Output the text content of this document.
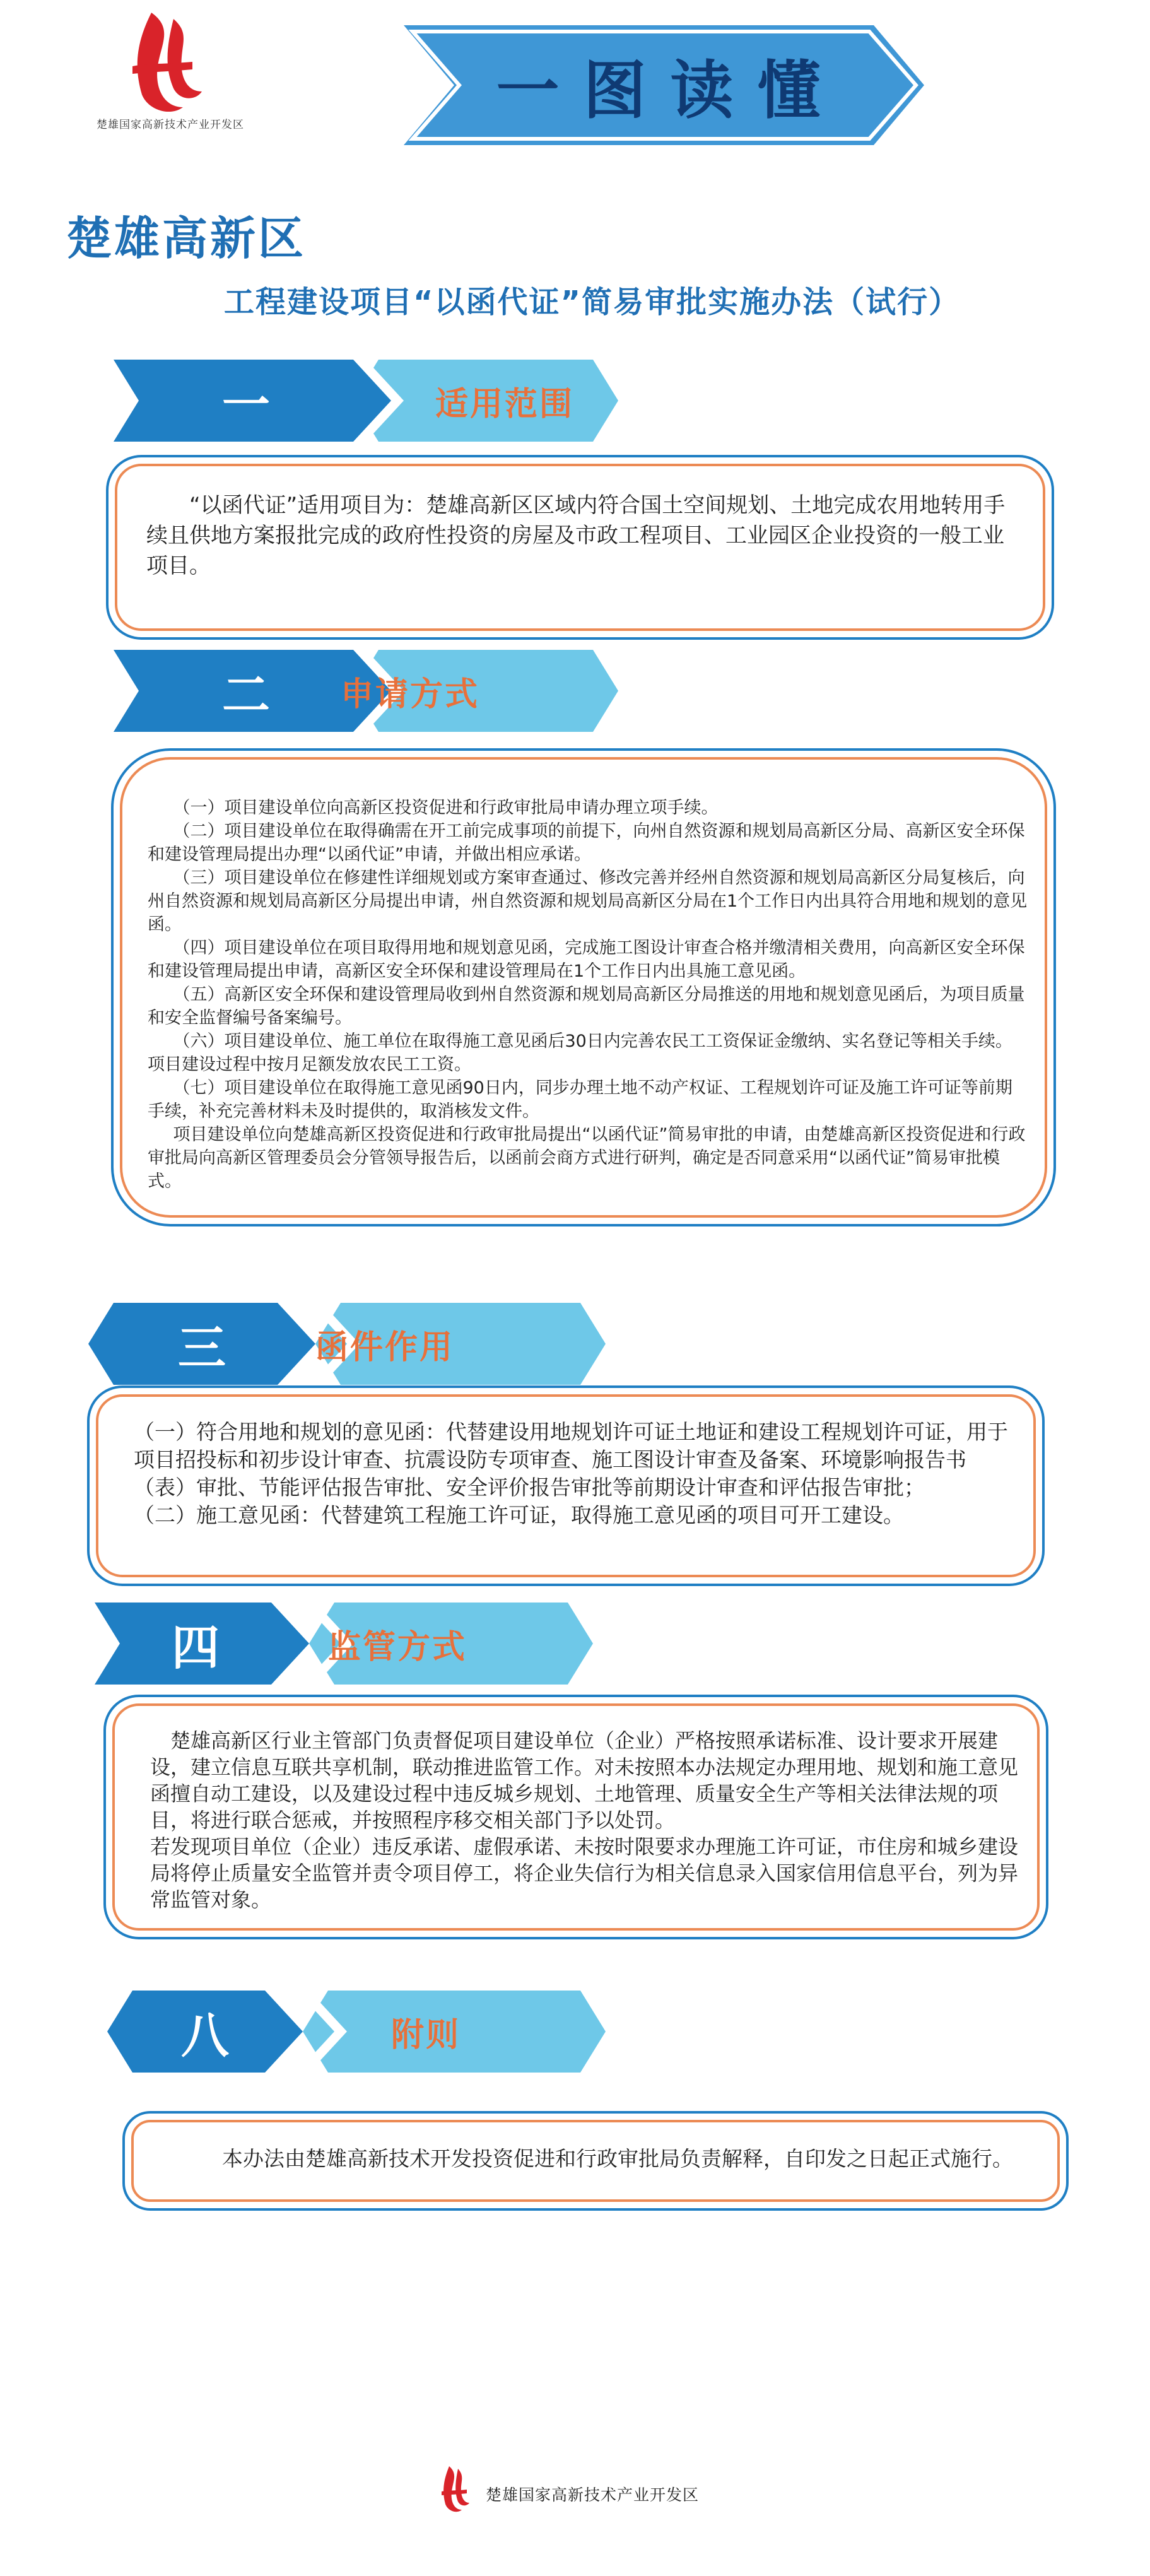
楚雄国家高新技术产业开发区	一图读懂
楚雄高新区
工程建设项目“以函代证”简易审批实施办法（试行）
一	适用范围
“以函代证”适用项目为：楚雄高新区区域内符合国土空间规划、土地完成农用地转用手续且供地方案报批完成的政府性投资的房屋及市政工程项目、工业园区企业投资的一般工业项目。
二	申请方式
（一）项目建设单位向高新区投资促进和行政审批局申请办理立项手续。
（二）项目建设单位在取得确需在开工前完成事项的前提下，向州自然资源和规划局高新区分局、高新区安全环保和建设管理局提出办理“以函代证”申请，并做出相应承诺。
（三）项目建设单位在修建性详细规划或方案审查通过、修改完善并经州自然资源和规划局高新区分局复核后，向州自然资源和规划局高新区分局提出申请，州自然资源和规划局高新区分局在1个工作日内出具符合用地和规划的意见函。
（四）项目建设单位在项目取得用地和规划意见函，完成施工图设计审查合格并缴清相关费用，向高新区安全环保和建设管理局提出申请，高新区安全环保和建设管理局在1个工作日内出具施工意见函。
（五）高新区安全环保和建设管理局收到州自然资源和规划局高新区分局推送的用地和规划意见函后，为项目质量和安全监督编号备案编号。
（六）项目建设单位、施工单位在取得施工意见函后30日内完善农民工工资保证金缴纳、实名登记等相关手续。项目建设过程中按月足额发放农民工工资。
（七）项目建设单位在取得施工意见函90日内，同步办理土地不动产权证、工程规划许可证及施工许可证等前期手续，补充完善材料未及时提供的，取消核发文件。
项目建设单位向楚雄高新区投资促进和行政审批局提出“以函代证”简易审批的申请，由楚雄高新区投资促进和行政审批局向高新区管理委员会分管领导报告后，以函前会商方式进行研判，确定是否同意采用“以函代证”简易审批模式。
三	函件作用
（一）符合用地和规划的意见函：代替建设用地规划许可证土地证和建设工程规划许可证，用于项目招投标和初步设计审查、抗震设防专项审查、施工图设计审查及备案、环境影响报告书（表）审批、节能评估报告审批、安全评价报告审批等前期设计审查和评估报告审批；
（二）施工意见函：代替建筑工程施工许可证，取得施工意见函的项目可开工建设。
四	监管方式
楚雄高新区行业主管部门负责督促项目建设单位（企业）严格按照承诺标准、设计要求开展建设，建立信息互联共享机制，联动推进监管工作。对未按照本办法规定办理用地、规划和施工意见函擅自动工建设，以及建设过程中违反城乡规划、土地管理、质量安全生产等相关法律法规的项目，将进行联合惩戒，并按照程序移交相关部门予以处罚。
若发现项目单位（企业）违反承诺、虚假承诺、未按时限要求办理施工许可证，市住房和城乡建设局将停止质量安全监管并责令项目停工，将企业失信行为相关信息录入国家信用信息平台，列为异常监管对象。
八	附则
本办法由楚雄高新技术开发投资促进和行政审批局负责解释，自印发之日起正式施行。
楚雄国家高新技术产业开发区
